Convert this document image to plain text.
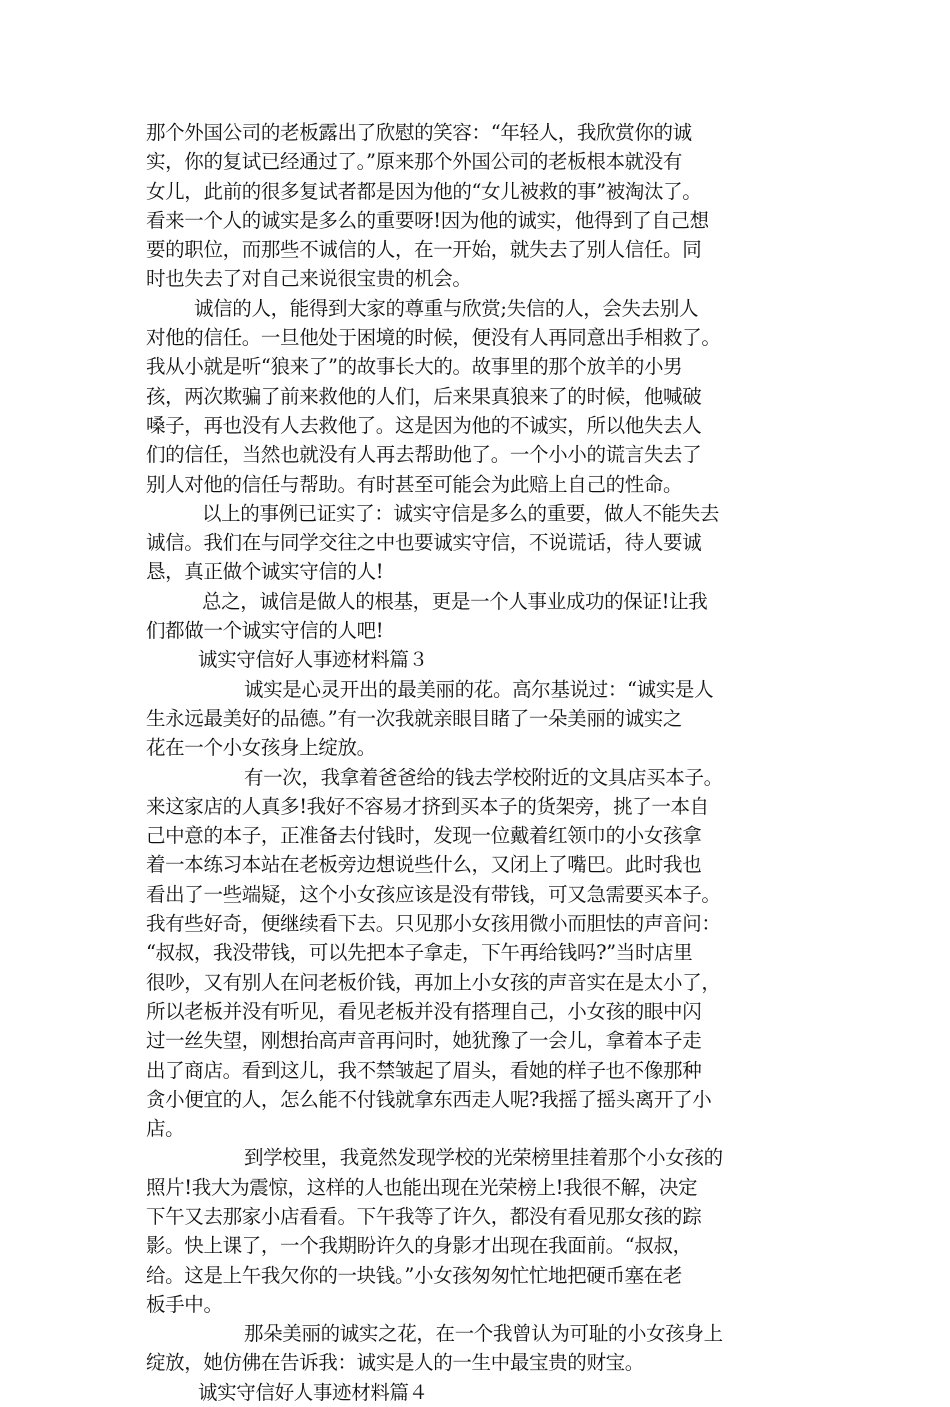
那个外国公司的老板露出了欣慰的笑容：“年轻人，我欣赏你的诚
实，你的复试已经通过了。”原来那个外国公司的老板根本就没有
女儿，此前的很多复试者都是因为他的“女儿被救的事”被淘汰了。
看来一个人的诚实是多么的重要呀!因为他的诚实，他得到了自己想
要的职位，而那些不诚信的人，在一开始，就失去了别人信任。同
时也失去了对自己来说很宝贵的机会。
诚信的人，能得到大家的尊重与欣赏;失信的人，会失去别人
对他的信任。一旦他处于困境的时候，便没有人再同意出手相救了。
我从小就是听“狼来了”的故事长大的。故事里的那个放羊的小男
孩，两次欺骗了前来救他的人们，后来果真狼来了的时候，他喊破
嗓子，再也没有人去救他了。这是因为他的不诚实，所以他失去人
们的信任，当然也就没有人再去帮助他了。一个小小的谎言失去了
别人对他的信任与帮助。有时甚至可能会为此赔上自己的性命。
以上的事例已证实了：诚实守信是多么的重要，做人不能失去
诚信。我们在与同学交往之中也要诚实守信，不说谎话，待人要诚
恳，真正做个诚实守信的人!
总之，诚信是做人的根基，更是一个人事业成功的保证!让我
们都做一个诚实守信的人吧!
诚实守信好人事迹材料篇３
诚实是心灵开出的最美丽的花。高尔基说过：“诚实是人
生永远最美好的品德。”有一次我就亲眼目睹了一朵美丽的诚实之
花在一个小女孩身上绽放。
有一次，我拿着爸爸给的钱去学校附近的文具店买本子。
来这家店的人真多!我好不容易才挤到买本子的货架旁，挑了一本自
己中意的本子，正准备去付钱时，发现一位戴着红领巾的小女孩拿
着一本练习本站在老板旁边想说些什么，又闭上了嘴巴。此时我也
看出了一些端疑，这个小女孩应该是没有带钱，可又急需要买本子。
我有些好奇，便继续看下去。只见那小女孩用微小而胆怯的声音问：
“叔叔，我没带钱，可以先把本子拿走，下午再给钱吗?”当时店里
很吵，又有别人在问老板价钱，再加上小女孩的声音实在是太小了，
所以老板并没有听见，看见老板并没有搭理自己，小女孩的眼中闪
过一丝失望，刚想抬高声音再问时，她犹豫了一会儿，拿着本子走
出了商店。看到这儿，我不禁皱起了眉头，看她的样子也不像那种
贪小便宜的人，怎么能不付钱就拿东西走人呢?我摇了摇头离开了小
店。
到学校里，我竟然发现学校的光荣榜里挂着那个小女孩的
照片!我大为震惊，这样的人也能出现在光荣榜上!我很不解，决定
下午又去那家小店看看。下午我等了许久，都没有看见那女孩的踪
影。快上课了，一个我期盼许久的身影才出现在我面前。“叔叔，
给。这是上午我欠你的一块钱。”小女孩匆匆忙忙地把硬币塞在老
板手中。
那朵美丽的诚实之花，在一个我曾认为可耻的小女孩身上
绽放，她仿佛在告诉我：诚实是人的一生中最宝贵的财宝。
诚实守信好人事迹材料篇４
